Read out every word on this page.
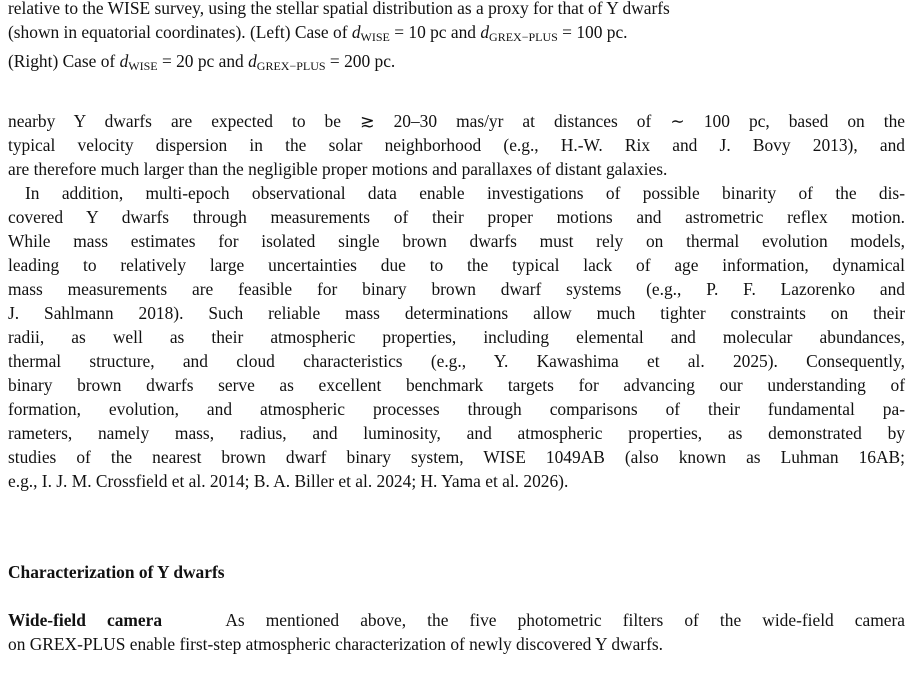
relative to the WISE survey, using the stellar spatial distribution as a proxy for that of Y dwarfs
(shown in equatorial coordinates). (Left) Case of $d_{WISE} = 10$ pc and $d_{GREX-PLUS} = 100$ pc.
(Right) Case of $d_{WISE} = 20$ pc and $d_{GREX-PLUS} = 200$ pc.
nearby Y dwarfs are expected to be ≳ 20–30 mas/yr at distances of ∼ 100 pc, based on the
typical velocity dispersion in the solar neighborhood (e.g., H.-W. Rix and J. Bovy 2013), and
are therefore much larger than the negligible proper motions and parallaxes of distant galaxies.
In addition, multi-epoch observational data enable investigations of possible binarity of the dis-
covered Y dwarfs through measurements of their proper motions and astrometric reflex motion.
While mass estimates for isolated single brown dwarfs must rely on thermal evolution models,
leading to relatively large uncertainties due to the typical lack of age information, dynamical
mass measurements are feasible for binary brown dwarf systems (e.g., P. F. Lazorenko and
J. Sahlmann 2018). Such reliable mass determinations allow much tighter constraints on their
radii, as well as their atmospheric properties, including elemental and molecular abundances,
thermal structure, and cloud characteristics (e.g., Y. Kawashima et al. 2025). Consequently,
binary brown dwarfs serve as excellent benchmark targets for advancing our understanding of
formation, evolution, and atmospheric processes through comparisons of their fundamental pa-
rameters, namely mass, radius, and luminosity, and atmospheric properties, as demonstrated by
studies of the nearest brown dwarf binary system, WISE 1049AB (also known as Luhman 16AB;
e.g., I. J. M. Crossfield et al. 2014; B. A. Biller et al. 2024; H. Yama et al. 2026).
Characterization of Y dwarfs
Wide-field camera	As mentioned above, the five photometric filters of the wide-field camera
on GREX-PLUS enable first-step atmospheric characterization of newly discovered Y dwarfs.
